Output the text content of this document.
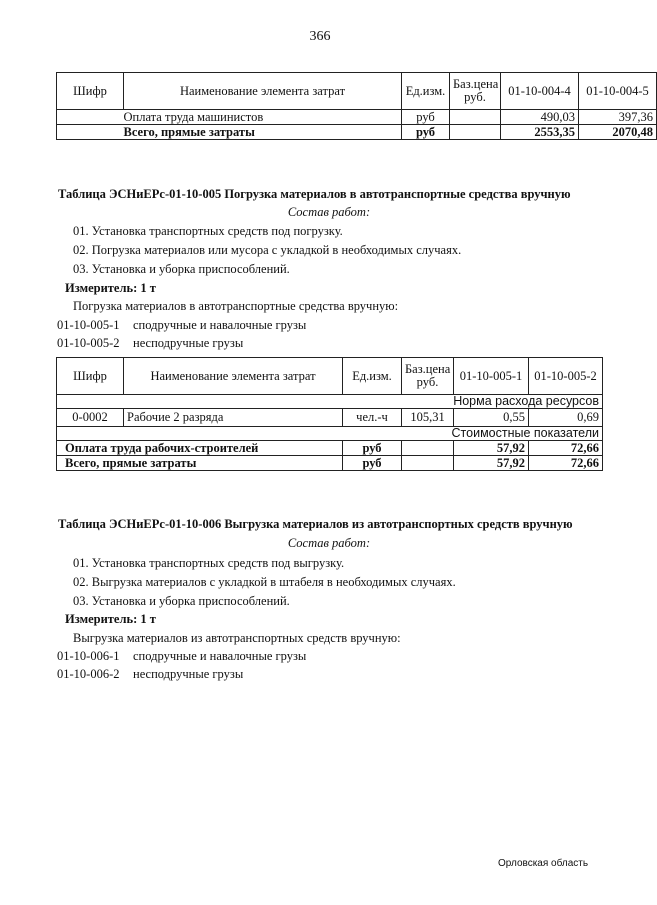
366
Шифр	Наименование элемента затрат	Ед.изм.	Баз.цена руб.	01-10-004-4	01-10-004-5
	Оплата труда машинистов	руб		490,03	397,36
	Всего, прямые затраты	руб		2553,35	2070,48
Таблица ЭСНиЕРс-01-10-005 Погрузка материалов в автотранспортные средства вручную
Состав работ:
01. Установка транспортных средств под погрузку.
02. Погрузка материалов или мусора с укладкой в необходимых случаях.
03. Установка и уборка приспособлений.
Измеритель: 1 т
Погрузка материалов в автотранспортные средства вручную:
01-10-005-1 сподручные и навалочные грузы
01-10-005-2 несподручные грузы
Шифр	Наименование элемента затрат	Ед.изм.	Баз.цена руб.	01-10-005-1	01-10-005-2
Норма расхода ресурсов					
0-0002	Рабочие 2 разряда	чел.-ч	105,31	0,55	0,69
Стоимостные показатели					
Оплата труда рабочих-строителей		руб		57,92	72,66
Всего, прямые затраты		руб		57,92	72,66
Таблица ЭСНиЕРс-01-10-006 Выгрузка материалов из автотранспортных средств вручную
Состав работ:
01. Установка транспортных средств под выгрузку.
02. Выгрузка материалов с укладкой в штабеля в необходимых случаях.
03. Установка и уборка приспособлений.
Измеритель: 1 т
Выгрузка материалов из автотранспортных средств вручную:
01-10-006-1 сподручные и навалочные грузы
01-10-006-2 несподручные грузы
Орловская область
